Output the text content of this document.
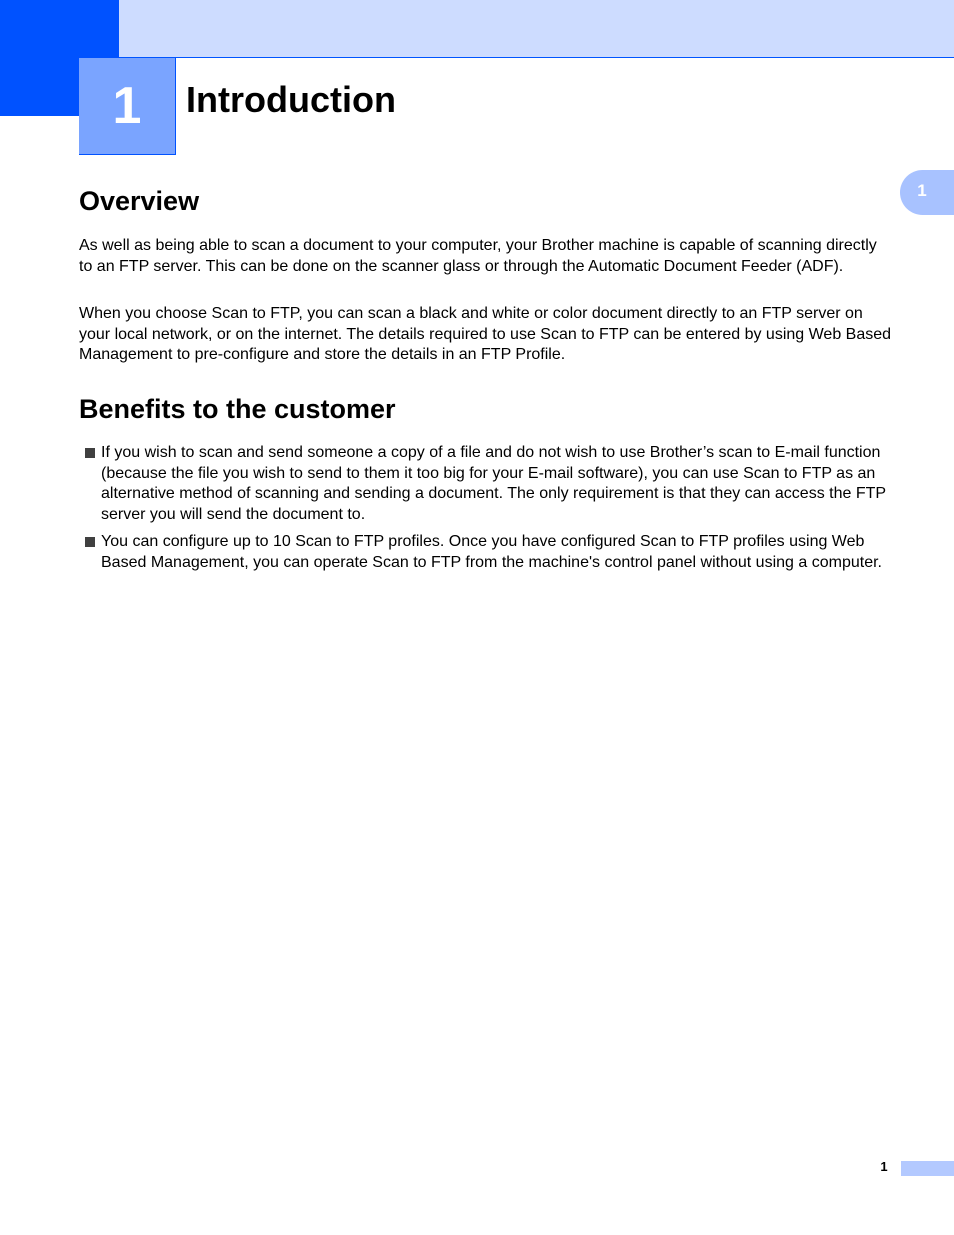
1	Introduction
1
Overview

As well as being able to scan a document to your computer, your Brother machine is capable of scanning directly to an FTP server. This can be done on the scanner glass or through the Automatic Document Feeder (ADF).

When you choose Scan to FTP, you can scan a black and white or color document directly to an FTP server on your local network, or on the internet. The details required to use Scan to FTP can be entered by using Web Based Management to pre-configure and store the details in an FTP Profile.

Benefits to the customer

If you wish to scan and send someone a copy of a file and do not wish to use Brother’s scan to E-mail function (because the file you wish to send to them it too big for your E-mail software), you can use Scan to FTP as an alternative method of scanning and sending a document. The only requirement is that they can access the FTP server you will send the document to.

You can configure up to 10 Scan to FTP profiles. Once you have configured Scan to FTP profiles using Web Based Management, you can operate Scan to FTP from the machine's control panel without using a computer.

1
